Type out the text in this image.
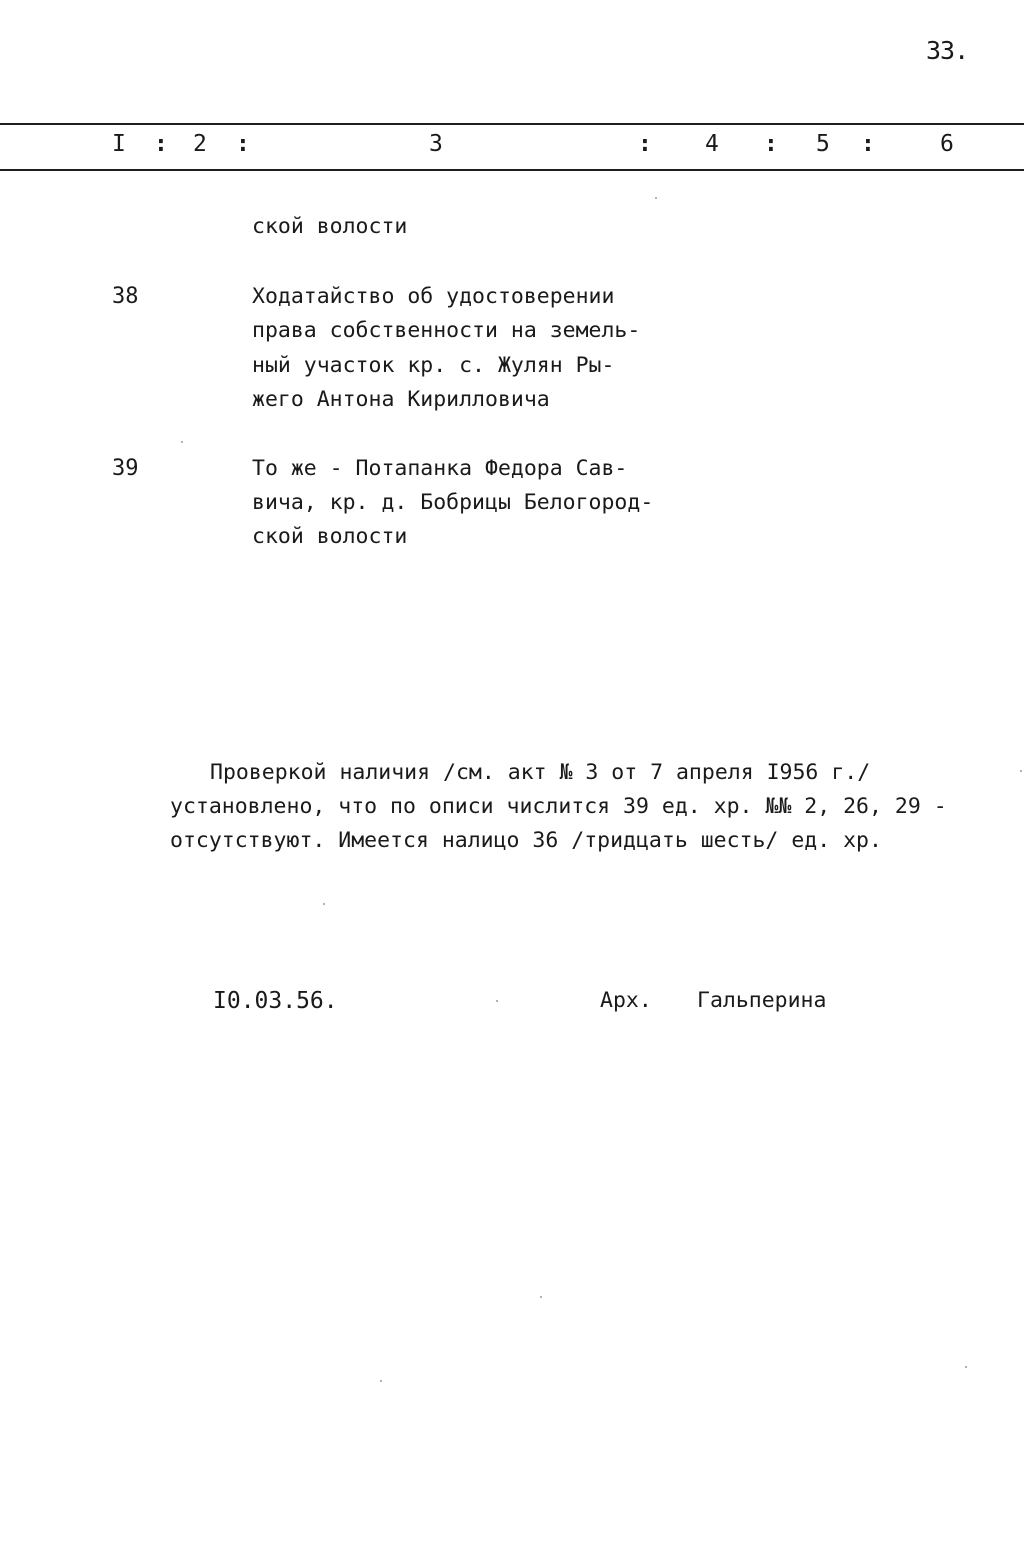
33.
I : 2 :	3	: 4 : 5 :	6
ской волости
38	Ходатайство об удостоверении
права собственности на земель-
ный участок кр. с. Жулян Ры-
жего Антона Кирилловича
39	То же - Потапанка Федора Сав-
вича, кр. д. Бобрицы Белогород-
ской волости
Проверкой наличия /см. акт № 3 от 7 апреля I956 г./
установлено, что по описи числится 39 ед. хр. №№ 2, 26, 29 -
отсутствуют. Имеется налицо 36 /тридцать шесть/ ед. хр.
I0.03.56.	Арх. Гальперина
